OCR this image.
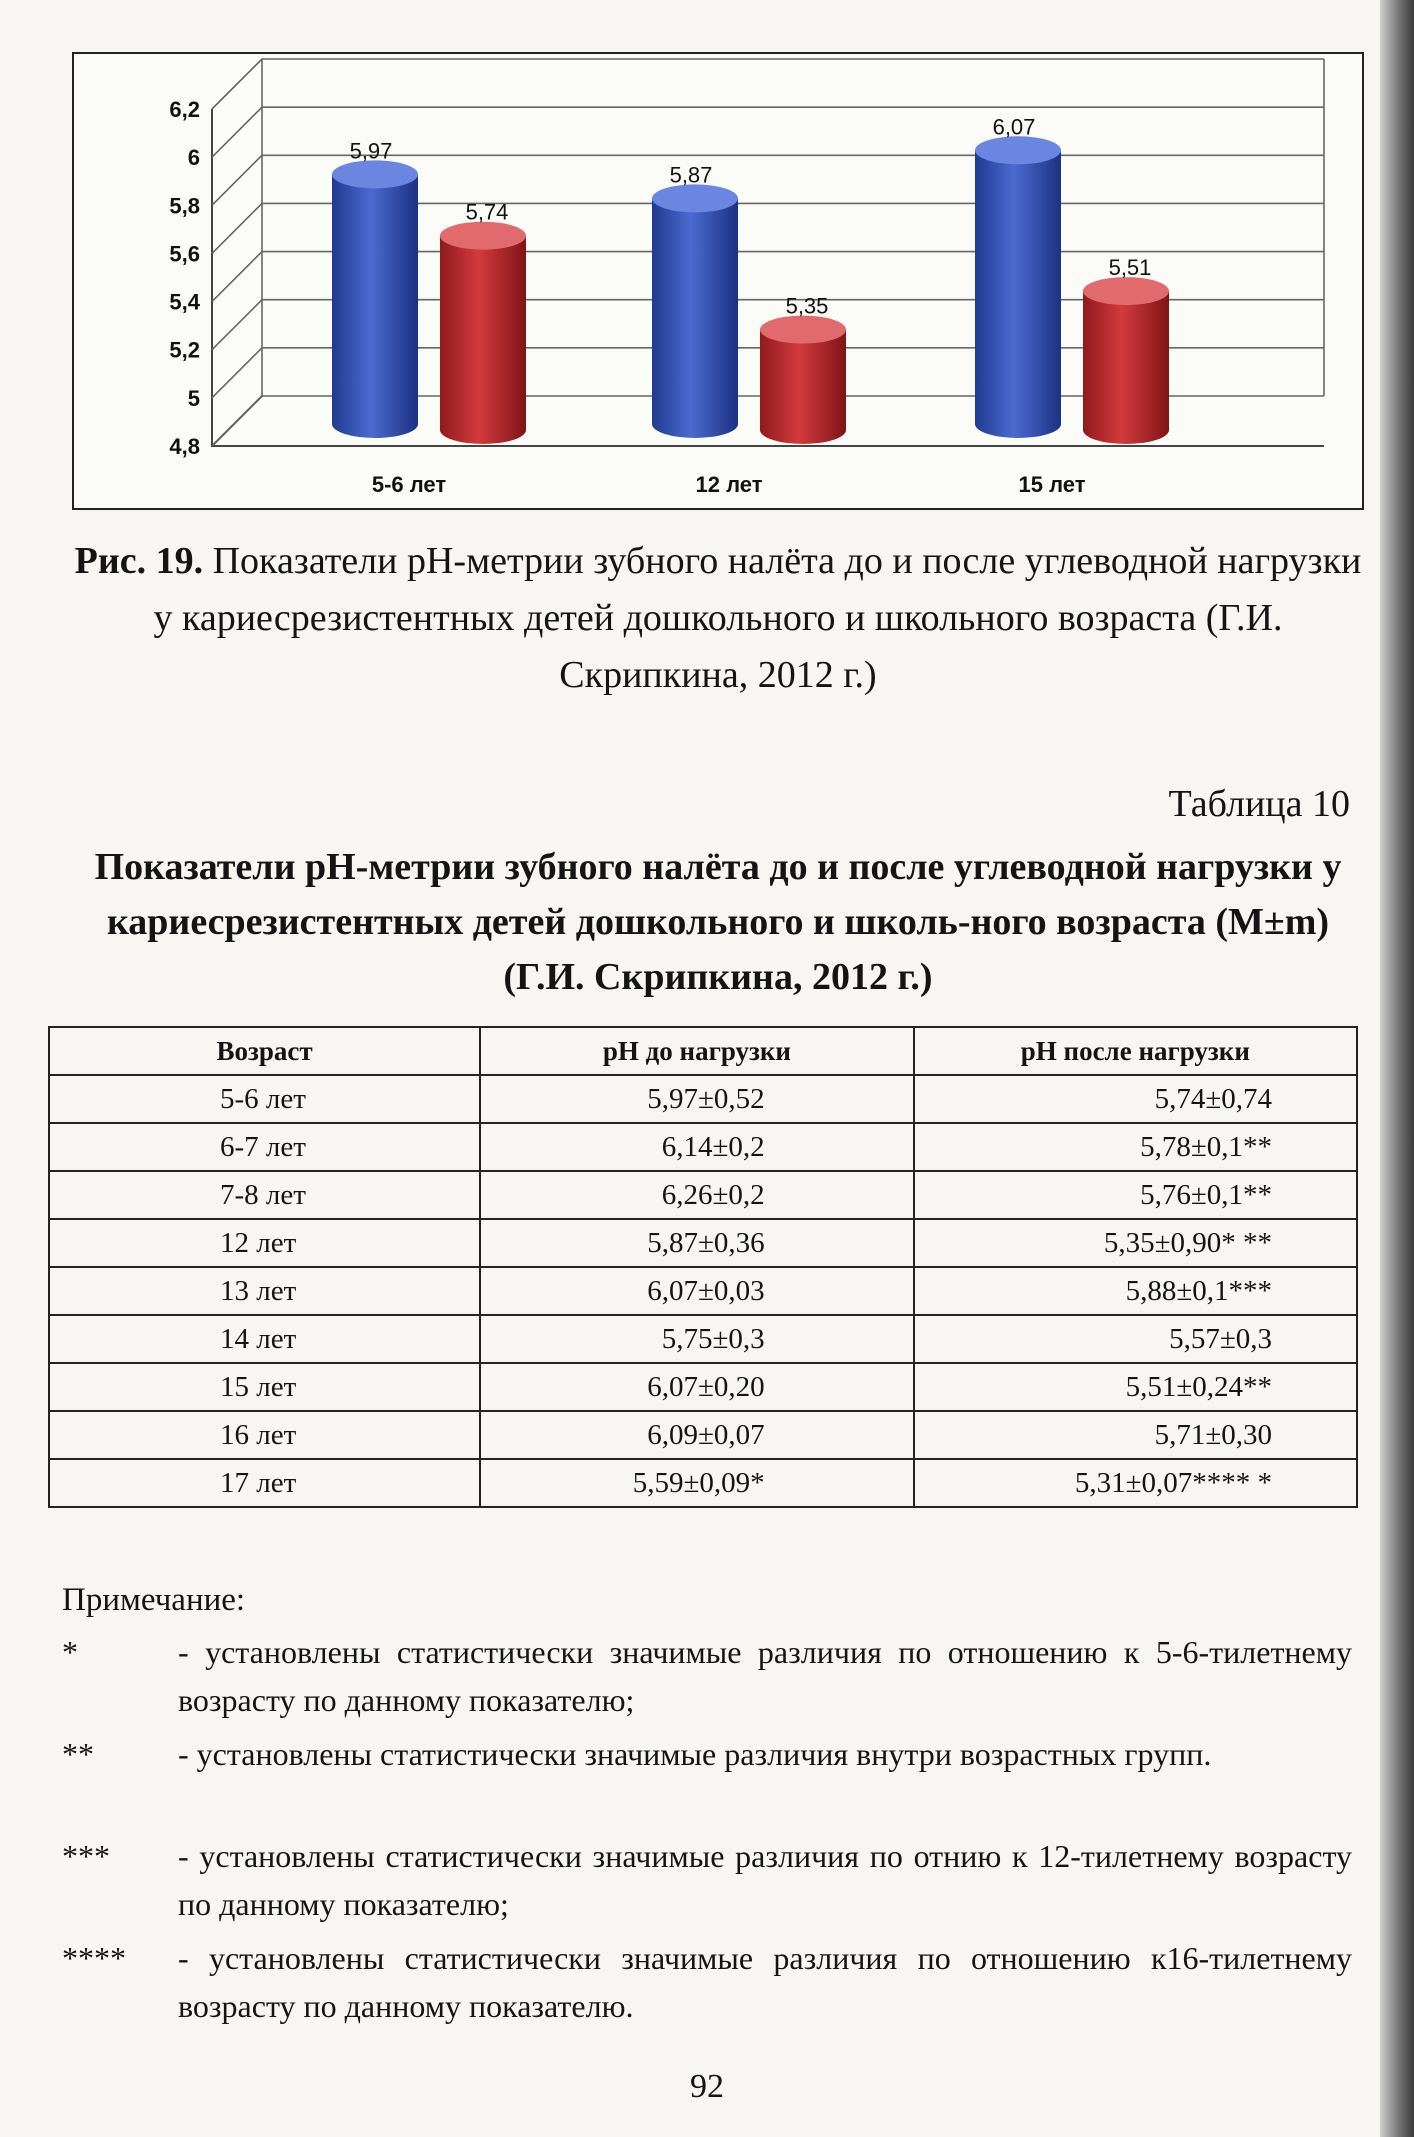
4,8
5
5,2
5,4
5,6
5,8
6
6,2
5,97
5,74
5-6 лет
5,87
5,35
12 лет
6,07
5,51
15 лет
Рис. 19. Показатели рН-метрии зубного налёта до и после углеводной нагрузки у кариесрезистентных детей дошкольного и школьного возраста (Г.И. Скрипкина, 2012 г.)
Таблица 10
Показатели рН-метрии зубного налёта до и после углеводной нагрузки у кариесрезистентных детей дошкольного и школь-ного возраста (M±m) (Г.И. Скрипкина, 2012 г.)
Возраст	pH до нагрузки	pH после нагрузки
5-6 лет	5,97±0,52	5,74±0,74
6-7 лет	6,14±0,2	5,78±0,1**
7-8 лет	6,26±0,2	5,76±0,1**
12 лет	5,87±0,36	5,35±0,90* **
13 лет	6,07±0,03	5,88±0,1***
14 лет	5,75±0,3	5,57±0,3
15 лет	6,07±0,20	5,51±0,24**
16 лет	6,09±0,07	5,71±0,30
17 лет	5,59±0,09*	5,31±0,07**** *
Примечание:
*	- установлены статистически значимые различия по отношению к 5-6-тилетнему возрасту по данному показателю;
**	- установлены статистически значимые различия внутри возрастных групп.
*** - установлены статистически значимые различия по отнию к 12-тилетнему возрасту по данному показателю;
**** - установлены статистически значимые различия по отношению к16-тилетнему возрасту по данному показателю.
92
